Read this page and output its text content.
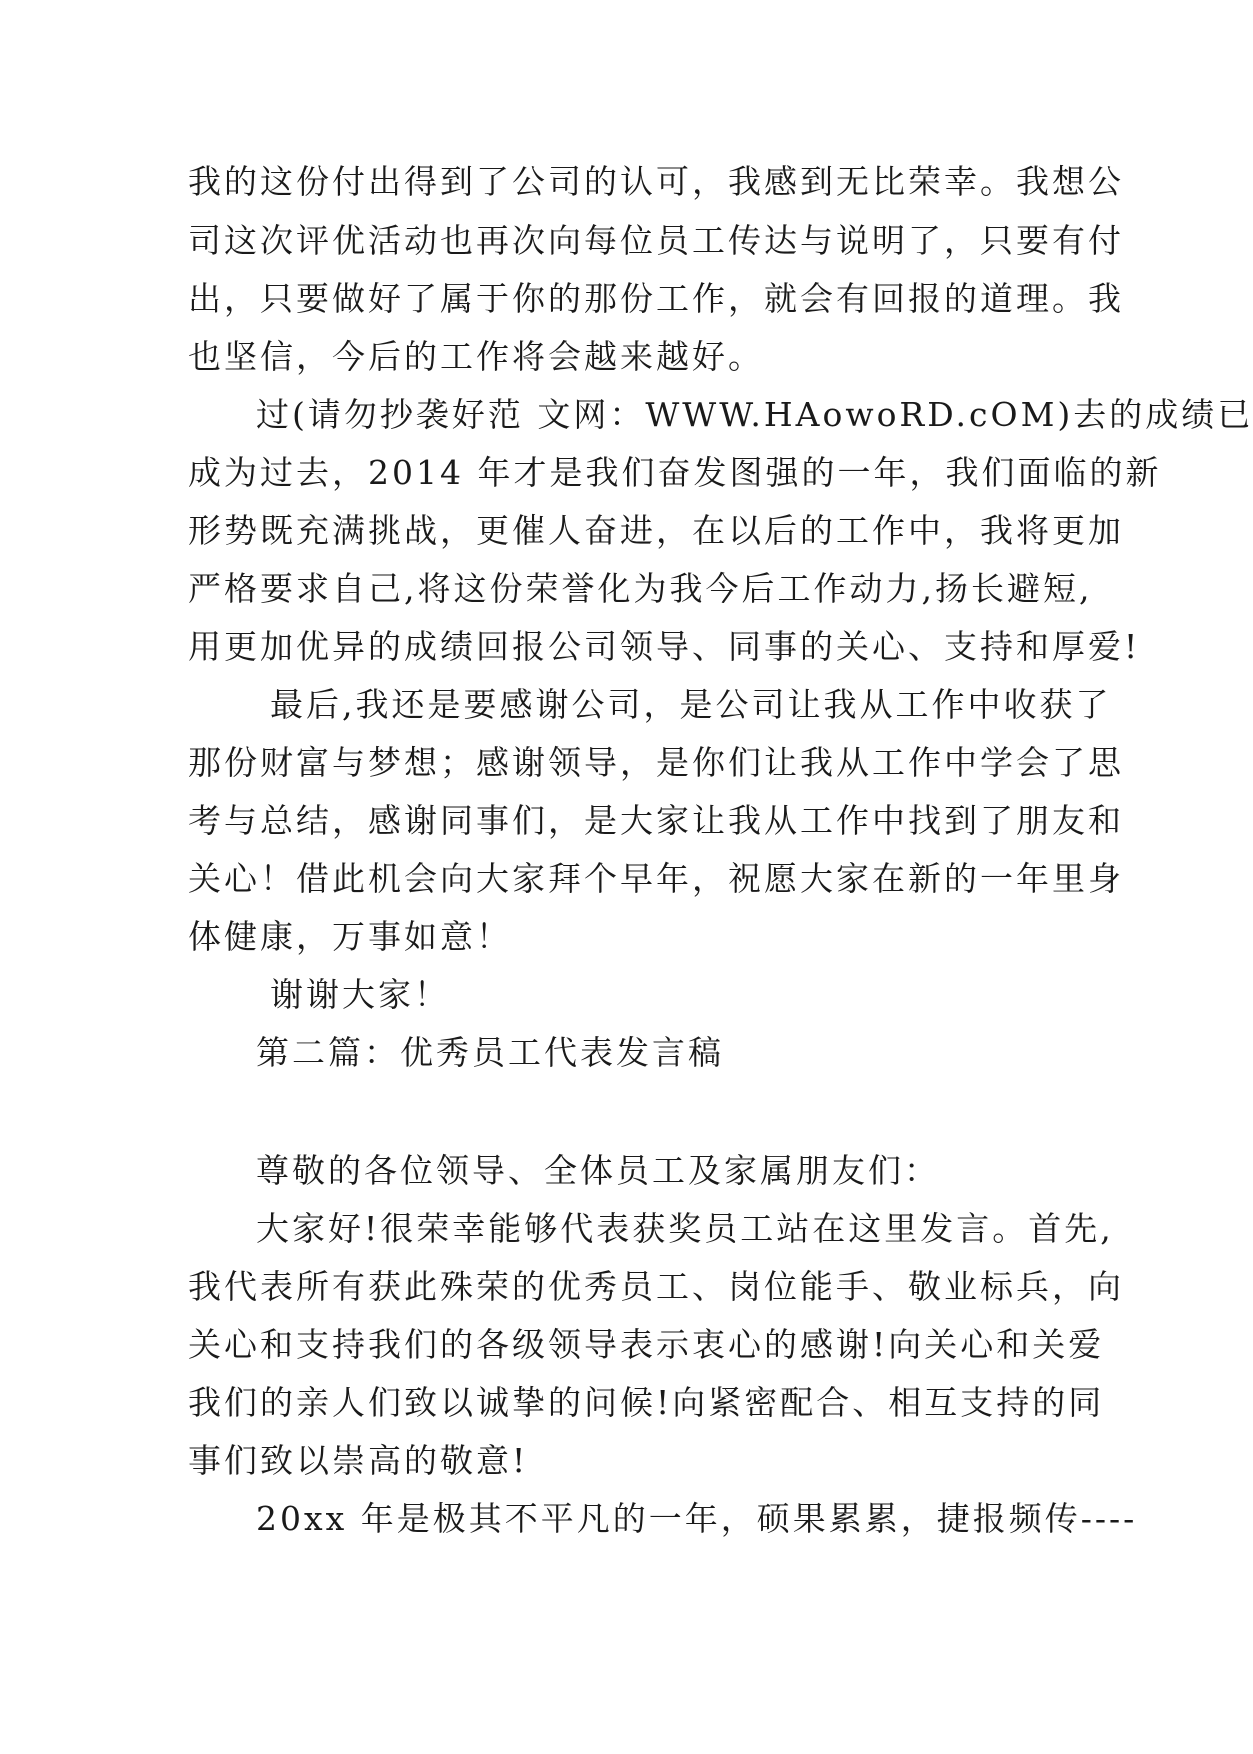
我的这份付出得到了公司的认可，我感到无比荣幸。我想公
司这次评优活动也再次向每位员工传达与说明了，只要有付
出，只要做好了属于你的那份工作，就会有回报的道理。我
也坚信，今后的工作将会越来越好。
过(请勿抄袭好范 文网：WWW.HAowoRD.cOM)去的成绩已
成为过去，2014 年才是我们奋发图强的一年，我们面临的新
形势既充满挑战，更催人奋进，在以后的工作中，我将更加
严格要求自己,将这份荣誉化为我今后工作动力,扬长避短,
用更加优异的成绩回报公司领导、同事的关心、支持和厚爱!
最后,我还是要感谢公司，是公司让我从工作中收获了
那份财富与梦想；感谢领导，是你们让我从工作中学会了思
考与总结，感谢同事们，是大家让我从工作中找到了朋友和
关心！借此机会向大家拜个早年，祝愿大家在新的一年里身
体健康，万事如意！
谢谢大家！
第二篇：优秀员工代表发言稿
尊敬的各位领导、全体员工及家属朋友们：
大家好!很荣幸能够代表获奖员工站在这里发言。首先,
我代表所有获此殊荣的优秀员工、岗位能手、敬业标兵，向
关心和支持我们的各级领导表示衷心的感谢!向关心和关爱
我们的亲人们致以诚挚的问候!向紧密配合、相互支持的同
事们致以崇高的敬意!
20xx 年是极其不平凡的一年，硕果累累，捷报频传----
